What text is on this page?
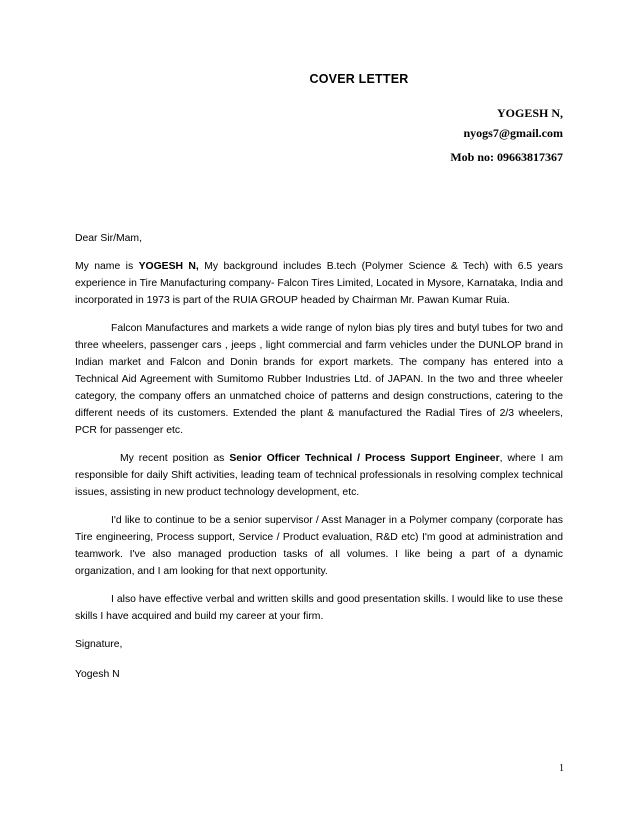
COVER LETTER
YOGESH N,
nyogs7@gmail.com
Mob no: 09663817367

Dear Sir/Mam,

My name is YOGESH N, My background includes B.tech (Polymer Science & Tech) with 6.5 years experience in Tire Manufacturing company- Falcon Tires Limited, Located in Mysore, Karnataka, India and incorporated in 1973 is part of the RUIA GROUP headed by Chairman Mr. Pawan Kumar Ruia.

Falcon Manufactures and markets a wide range of nylon bias ply tires and butyl tubes for two and three wheelers, passenger cars , jeeps , light commercial and farm vehicles under the DUNLOP brand in Indian market and Falcon and Donin brands for export markets. The company has entered into a Technical Aid Agreement with Sumitomo Rubber Industries Ltd. of JAPAN. In the two and three wheeler category, the company offers an unmatched choice of patterns and design constructions, catering to the different needs of its customers. Extended the plant & manufactured the Radial Tires of 2/3 wheelers, PCR for passenger etc.

My recent position as Senior Officer Technical / Process Support Engineer, where I am responsible for daily Shift activities, leading team of technical professionals in resolving complex technical issues, assisting in new product technology development, etc.

I'd like to continue to be a senior supervisor / Asst Manager in a Polymer company (corporate has Tire engineering, Process support, Service / Product evaluation, R&D etc) I'm good at administration and teamwork. I've also managed production tasks of all volumes. I like being a part of a dynamic organization, and I am looking for that next opportunity.

I also have effective verbal and written skills and good presentation skills. I would like to use these skills I have acquired and build my career at your firm.

Signature,

Yogesh N

1
